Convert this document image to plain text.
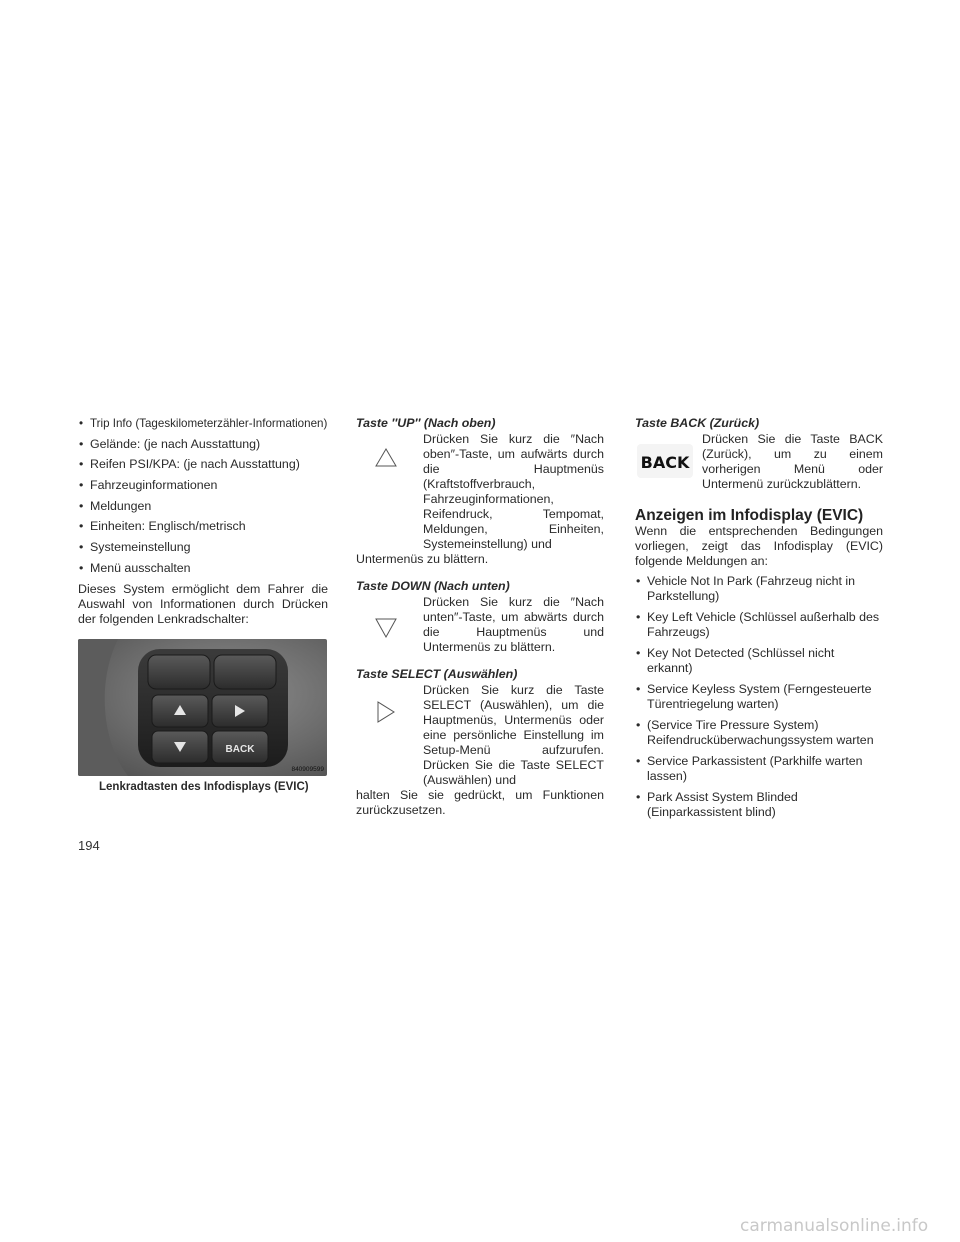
• Trip Info (Tageskilometerzähler-Informationen)
• Gelände: (je nach Ausstattung)
• Reifen PSI/KPA: (je nach Ausstattung)
• Fahrzeuginformationen
• Meldungen
• Einheiten: Englisch/metrisch
• Systemeinstellung
• Menü ausschalten

Dieses System ermöglicht dem Fahrer die Auswahl von Informationen durch Drücken der folgenden Lenkradschalter:

BACK
840909599
Lenkradtasten des Infodisplays (EVIC)

Taste ″UP″ (Nach oben)

Drücken Sie kurz die ″Nach oben″-Taste, um aufwärts durch die Hauptmenüs (Kraftstoffverbrauch, Fahrzeuginformationen, Reifendruck, Tempomat, Meldungen, Einheiten, Systemeinstellung) und

Untermenüs zu blättern.

Taste DOWN (Nach unten)

Drücken Sie kurz die ″Nach unten″-Taste, um abwärts durch die Hauptmenüs und Untermenüs zu blättern.

Taste SELECT (Auswählen)

Drücken Sie kurz die Taste SELECT (Auswählen), um die Hauptmenüs, Untermenüs oder eine persönliche Einstellung im Setup-Menü aufzurufen. Drücken Sie die Taste SELECT (Auswählen) und

halten Sie sie gedrückt, um Funktionen zurückzusetzen.

Taste BACK (Zurück)

BACK

Drücken Sie die Taste BACK (Zurück), um zu einem vorherigen Menü oder Untermenü zurückzublättern.

Anzeigen im Infodisplay (EVIC)

Wenn die entsprechenden Bedingungen vorliegen, zeigt das Infodisplay (EVIC) folgende Meldungen an:

• Vehicle Not In Park (Fahrzeug nicht in Parkstellung)
• Key Left Vehicle (Schlüssel außerhalb des Fahrzeugs)
• Key Not Detected (Schlüssel nicht erkannt)
• Service Keyless System (Ferngesteuerte Türentriegelung warten)
• (Service Tire Pressure System) Reifendrucküberwachungssystem warten
• Service Parkassistent (Parkhilfe warten lassen)
• Park Assist System Blinded (Einparkassistent blind)
194
carmanualsonline.info
